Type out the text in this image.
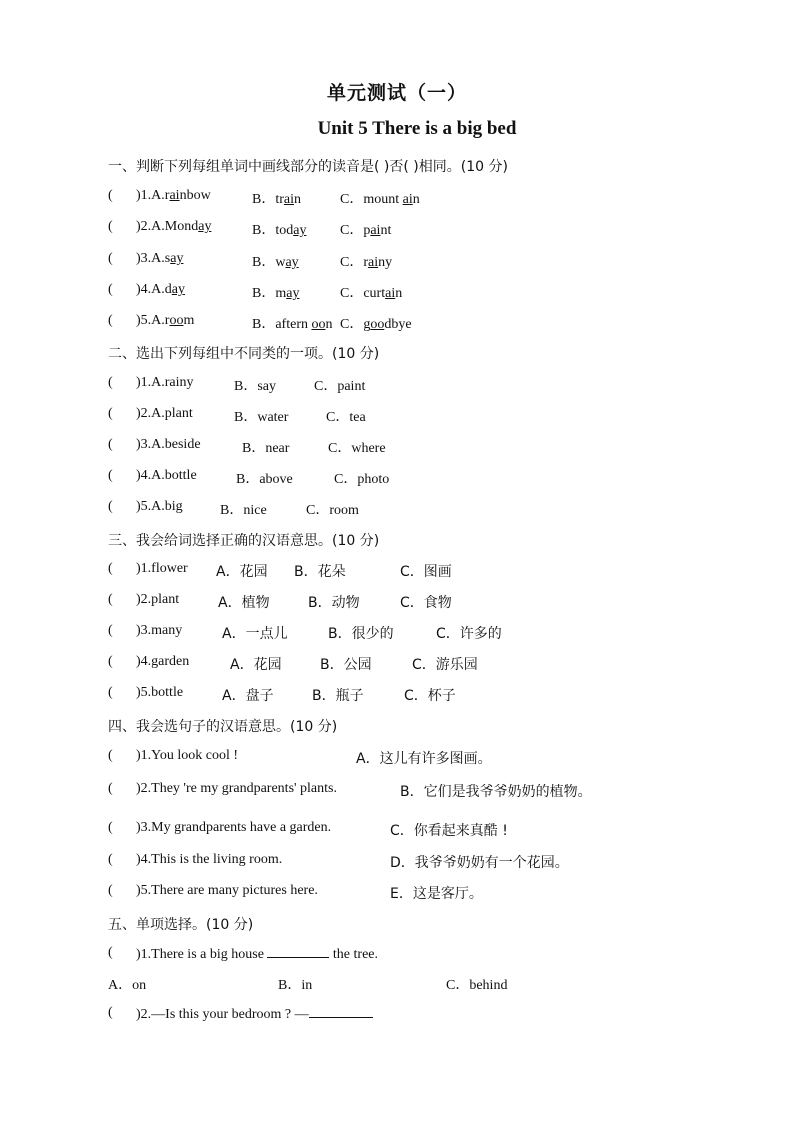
单元测试（一）
Unit 5 There is a big bed
一、判断下列每组单词中画线部分的读音是( )否( )相同。(10 分)
( )1.A.rainbow	B．train	C．mount ain
( )2.A.Monday	B．today C．paint
( )3.A.say	B．way	C．rainy
( )4.A.day	B．may	C．curtain
( )5.A.room	B．aftern oon C．goodbye
二、选出下列每组中不同类的一项。(10 分)
( )1.A.rainy	B．say	C．paint
( )2.A.plant	B．water	C．tea
( )3.A.beside	B．near	C．where
( )4.A.bottle	B．above	C．photo
( )5.A.big	B．nice	C．room
三、我会给词选择正确的汉语意思。(10 分)
( )1.flower A．花园 B．花朵	C．图画
( )2.plant	A．植物	B．动物	C．食物
( )3.many	A．一点儿	B．很少的	C．许多的
( )4.garden	A．花园	B．公园	C．游乐园
( )5.bottle	A．盘子	B．瓶子	C．杯子
四、我会选句子的汉语意思。(10 分)
( )1.You look cool !	A．这儿有许多图画。
( )2.They 're my grandparents' plants.	B．它们是我爷爷奶奶的植物。
( )3.My grandparents have a garden.	C．你看起来真酷 !
( )4.This is the living room.	D．我爷爷奶奶有一个花园。
( )5.There are many pictures here.	E．这是客厅。
五、单项选择。(10 分)
( )1.There is a big house	the tree.
A．on	B．in	C．behind
( )2.—Is this your bedroom ? —
